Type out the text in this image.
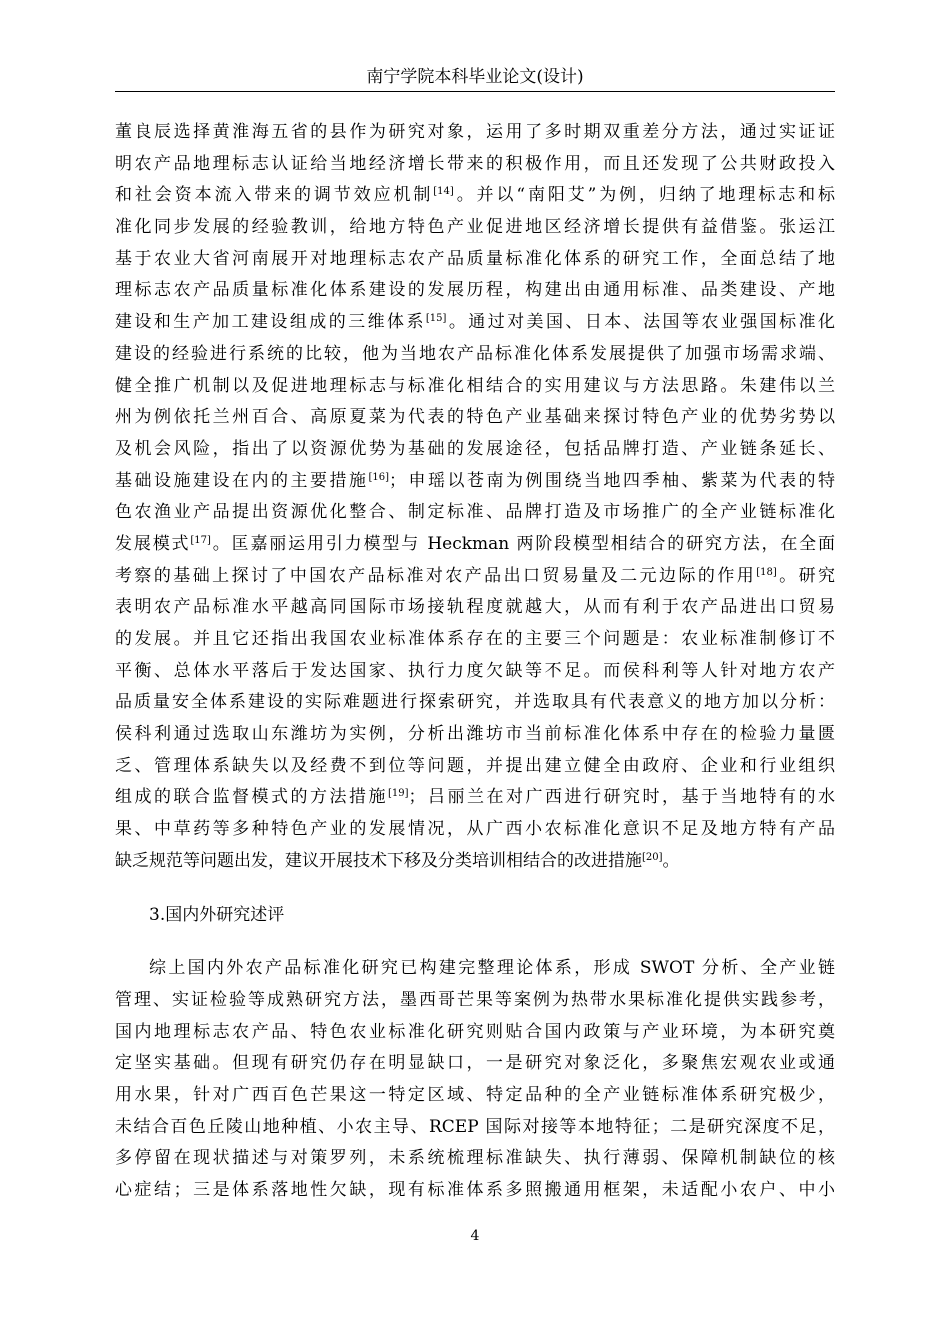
南宁学院本科毕业论文(设计)
董良辰选择黄淮海五省的县作为研究对象，运用了多时期双重差分方法，通过实证证
明农产品地理标志认证给当地经济增长带来的积极作用，而且还发现了公共财政投入
和社会资本流入带来的调节效应机制[14]。并以“南阳艾”为例，归纳了地理标志和标
准化同步发展的经验教训，给地方特色产业促进地区经济增长提供有益借鉴。张运江
基于农业大省河南展开对地理标志农产品质量标准化体系的研究工作，全面总结了地
理标志农产品质量标准化体系建设的发展历程，构建出由通用标准、品类建设、产地
建设和生产加工建设组成的三维体系[15]。通过对美国、日本、法国等农业强国标准化
建设的经验进行系统的比较，他为当地农产品标准化体系发展提供了加强市场需求端、
健全推广机制以及促进地理标志与标准化相结合的实用建议与方法思路。朱建伟以兰
州为例依托兰州百合、高原夏菜为代表的特色产业基础来探讨特色产业的优势劣势以
及机会风险，指出了以资源优势为基础的发展途径，包括品牌打造、产业链条延长、
基础设施建设在内的主要措施[16]；申瑶以苍南为例围绕当地四季柚、紫菜为代表的特
色农渔业产品提出资源优化整合、制定标准、品牌打造及市场推广的全产业链标准化
发展模式[17]。匡嘉丽运用引力模型与 Heckman 两阶段模型相结合的研究方法，在全面
考察的基础上探讨了中国农产品标准对农产品出口贸易量及二元边际的作用[18]。研究
表明农产品标准水平越高同国际市场接轨程度就越大，从而有利于农产品进出口贸易
的发展。并且它还指出我国农业标准体系存在的主要三个问题是：农业标准制修订不
平衡、总体水平落后于发达国家、执行力度欠缺等不足。而侯科利等人针对地方农产
品质量安全体系建设的实际难题进行探索研究，并选取具有代表意义的地方加以分析：
侯科利通过选取山东潍坊为实例，分析出潍坊市当前标准化体系中存在的检验力量匮
乏、管理体系缺失以及经费不到位等问题，并提出建立健全由政府、企业和行业组织
组成的联合监督模式的方法措施[19]；吕丽兰在对广西进行研究时，基于当地特有的水
果、中草药等多种特色产业的发展情况，从广西小农标准化意识不足及地方特有产品
缺乏规范等问题出发，建议开展技术下移及分类培训相结合的改进措施[20]。
3.国内外研究述评
综上国内外农产品标准化研究已构建完整理论体系，形成 SWOT 分析、全产业链
管理、实证检验等成熟研究方法，墨西哥芒果等案例为热带水果标准化提供实践参考，
国内地理标志农产品、特色农业标准化研究则贴合国内政策与产业环境，为本研究奠
定坚实基础。但现有研究仍存在明显缺口，一是研究对象泛化，多聚焦宏观农业或通
用水果，针对广西百色芒果这一特定区域、特定品种的全产业链标准体系研究极少，
未结合百色丘陵山地种植、小农主导、RCEP 国际对接等本地特征；二是研究深度不足，
多停留在现状描述与对策罗列，未系统梳理标准缺失、执行薄弱、保障机制缺位的核
心症结；三是体系落地性欠缺，现有标准体系多照搬通用框架，未适配小农户、中小
4
